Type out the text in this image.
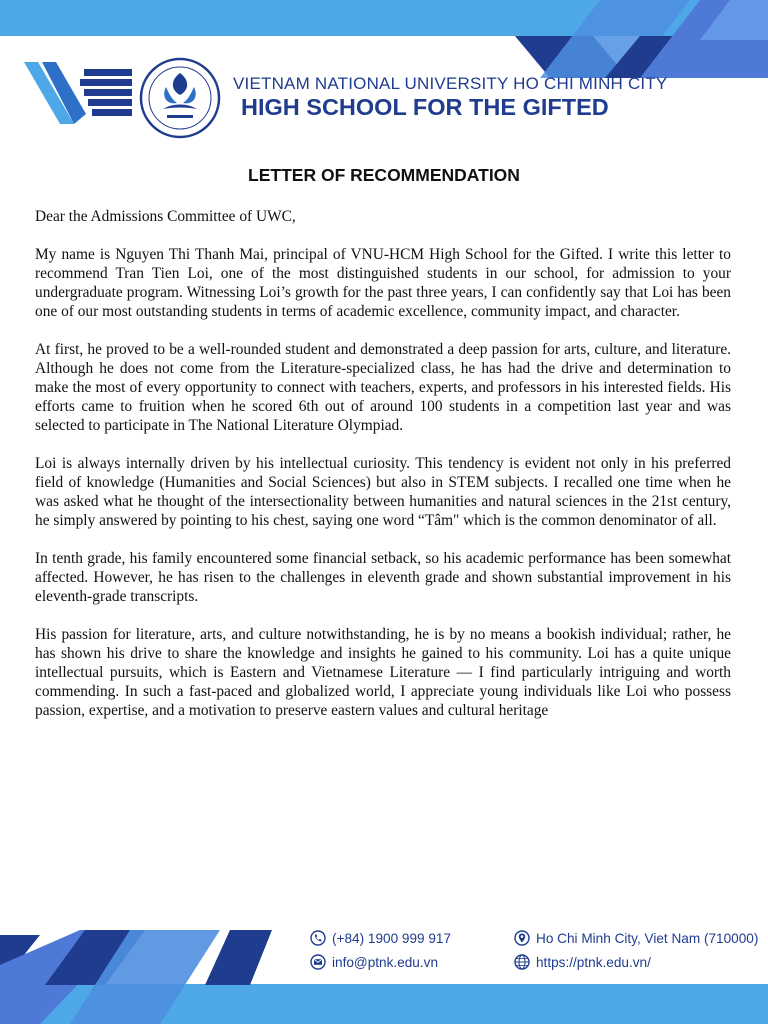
VIETNAM NATIONAL UNIVERSITY HO CHI MINH CITY
HIGH SCHOOL FOR THE GIFTED
LETTER OF RECOMMENDATION

Dear the Admissions Committee of UWC,

My name is Nguyen Thi Thanh Mai, principal of VNU-HCM High School for the Gifted. I write this letter to recommend Tran Tien Loi, one of the most distinguished students in our school, for admission to your undergraduate program. Witnessing Loi’s growth for the past three years, I can confidently say that Loi has been one of our most outstanding students in terms of academic excellence, community impact, and character.

At first, he proved to be a well-rounded student and demonstrated a deep passion for arts, culture, and literature. Although he does not come from the Literature-specialized class, he has had the drive and determination to make the most of every opportunity to connect with teachers, experts, and professors in his interested fields. His efforts came to fruition when he scored 6th out of around 100 students in a competition last year and was selected to participate in The National Literature Olympiad.

Loi is always internally driven by his intellectual curiosity. This tendency is evident not only in his preferred field of knowledge (Humanities and Social Sciences) but also in STEM subjects. I recalled one time when he was asked what he thought of the intersectionality between humanities and natural sciences in the 21st century, he simply answered by pointing to his chest, saying one word “Tâm" which is the common denominator of all.

In tenth grade, his family encountered some financial setback, so his academic performance has been somewhat affected. However, he has risen to the challenges in eleventh grade and shown substantial improvement in his eleventh-grade transcripts.

His passion for literature, arts, and culture notwithstanding, he is by no means a bookish individual; rather, he has shown his drive to share the knowledge and insights he gained to his community. Loi has a quite unique intellectual pursuits, which is Eastern and Vietnamese Literature — I find particularly intriguing and worth commending. In such a fast-paced and globalized world, I appreciate young individuals like Loi who possess passion, expertise, and a motivation to preserve eastern values and cultural heritage

(+84) 1900 999 917
info@ptnk.edu.vn
Ho Chi Minh City, Viet Nam (710000)
https://ptnk.edu.vn/
